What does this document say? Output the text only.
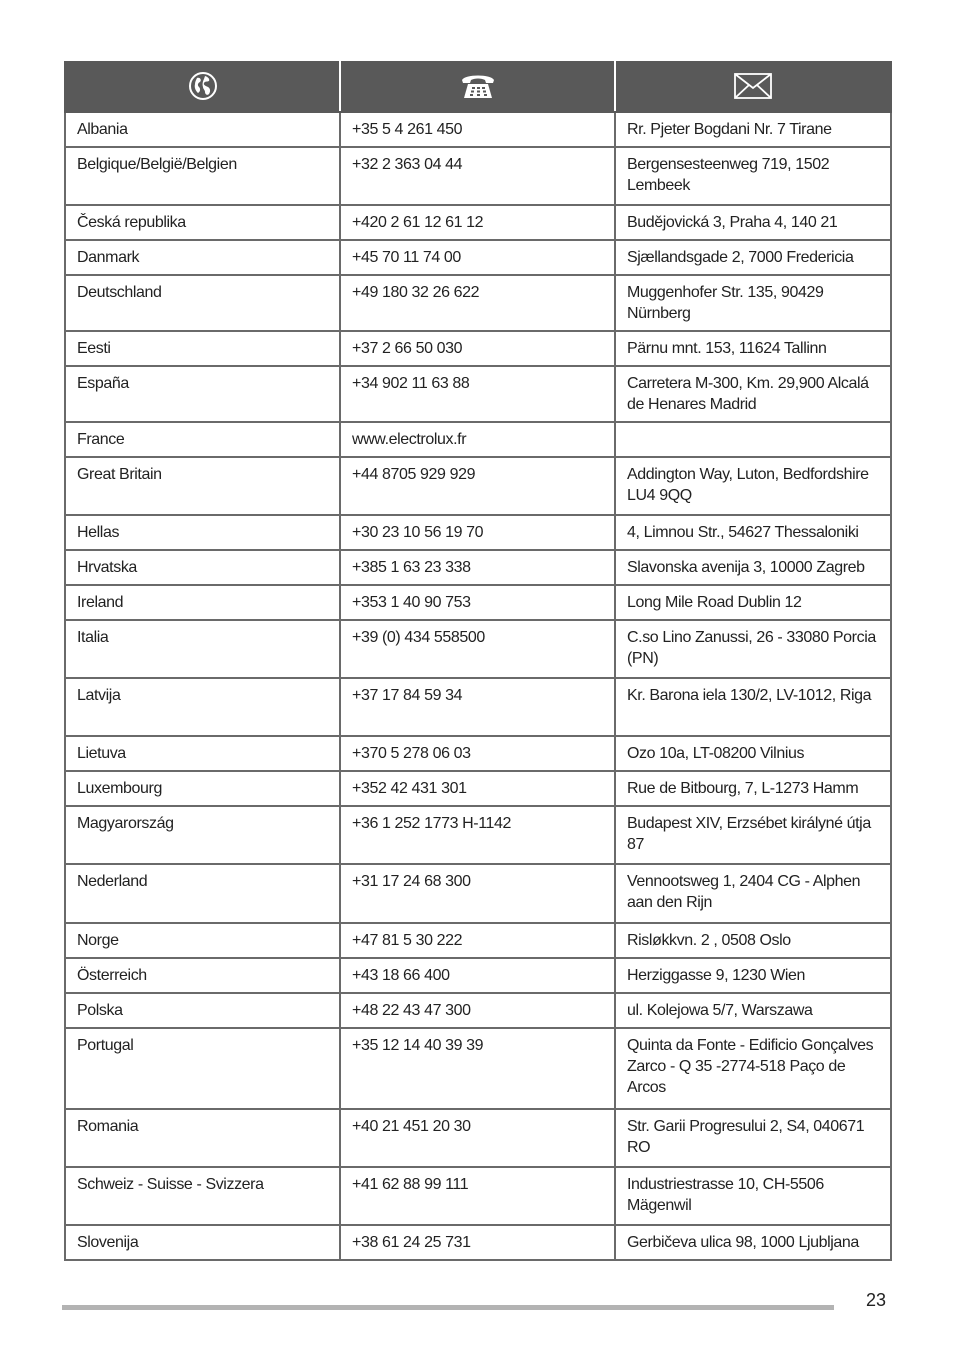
Albania	+35 5 4 261 450	Rr. Pjeter Bogdani Nr. 7 Tirane
Belgique/België/Belgien	+32 2 363 04 44	Bergensesteenweg 719, 1502 Lembeek
Česká republika	+420 2 61 12 61 12	Budějovická 3, Praha 4, 140 21
Danmark	+45 70 11 74 00	Sjællandsgade 2, 7000 Fredericia
Deutschland	+49 180 32 26 622	Muggenhofer Str. 135, 90429 Nürnberg
Eesti	+37 2 66 50 030	Pärnu mnt. 153, 11624 Tallinn
España	+34 902 11 63 88	Carretera M-300, Km. 29,900 Alcalá de Henares Madrid
France	www.electrolux.fr	
Great Britain	+44 8705 929 929	Addington Way, Luton, Bedfordshire LU4 9QQ
Hellas	+30 23 10 56 19 70	4, Limnou Str., 54627 Thessaloniki
Hrvatska	+385 1 63 23 338	Slavonska avenija 3, 10000 Zagreb
Ireland	+353 1 40 90 753	Long Mile Road Dublin 12
Italia	+39 (0) 434 558500	C.so Lino Zanussi, 26 - 33080 Porcia (PN)
Latvija	+37 17 84 59 34	Kr. Barona iela 130/2, LV-1012, Riga
Lietuva	+370 5 278 06 03	Ozo 10a, LT-08200 Vilnius
Luxembourg	+352 42 431 301	Rue de Bitbourg, 7, L-1273 Hamm
Magyarország	+36 1 252 1773 H-1142	Budapest XIV, Erzsébet királyné útja 87
Nederland	+31 17 24 68 300	Vennootsweg 1, 2404 CG - Alphen aan den Rijn
Norge	+47 81 5 30 222	Risløkkvn. 2 , 0508 Oslo
Österreich	+43 18 66 400	Herziggasse 9, 1230 Wien
Polska	+48 22 43 47 300	ul. Kolejowa 5/7, Warszawa
Portugal	+35 12 14 40 39 39	Quinta da Fonte - Edificio Gonçalves Zarco - Q 35 -2774-518 Paço de Arcos
Romania	+40 21 451 20 30	Str. Garii Progresului 2, S4, 040671 RO
Schweiz - Suisse - Svizzera	+41 62 88 99 111	Industriestrasse 10, CH-5506 Mägenwil
Slovenija	+38 61 24 25 731	Gerbičeva ulica 98, 1000 Ljubljana
23
